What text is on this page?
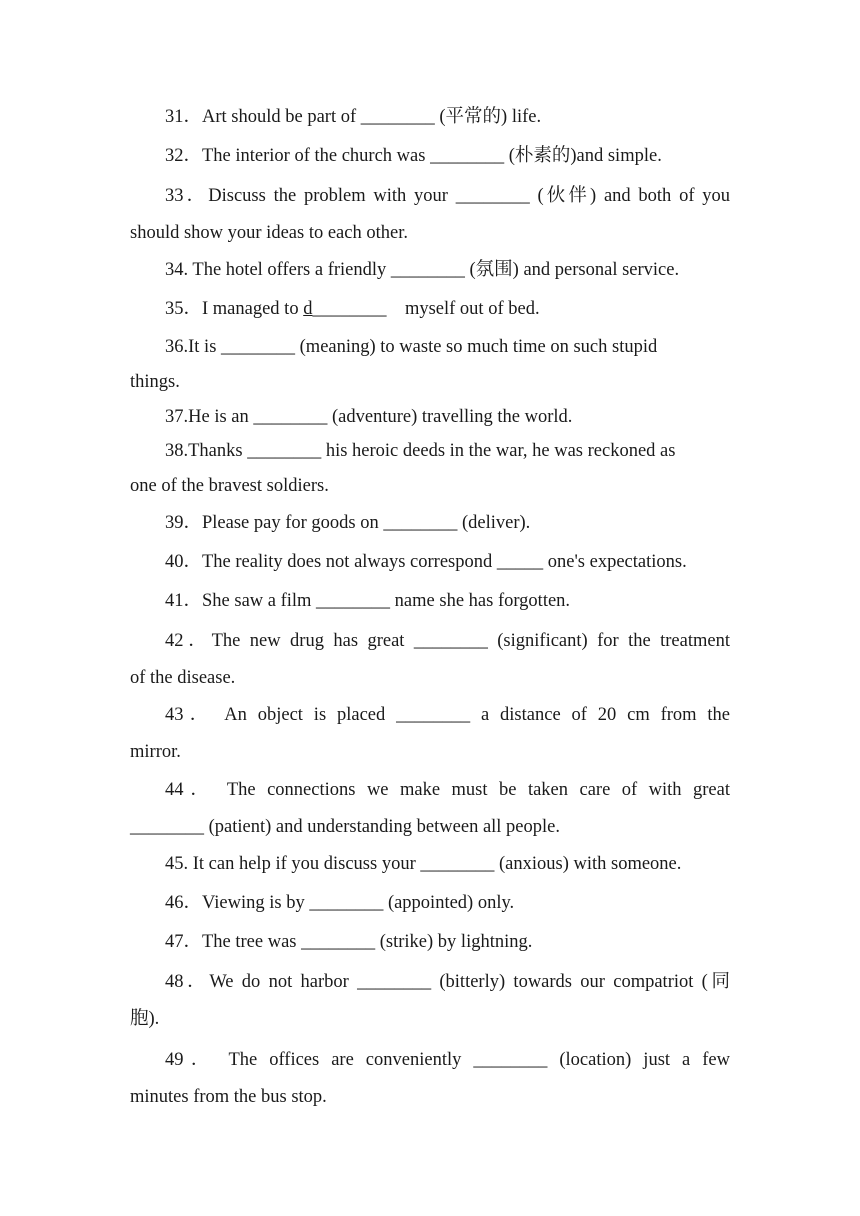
31．Art should be part of ________ (平常的) life.
32．The interior of the church was ________ (朴素的)and simple.
33．Discuss the problem with your ________ (伙伴) and both of you
should show your ideas to each other.
34. The hotel offers a friendly ________ (氛围) and personal service.
35．I managed to d________    myself out of bed.
36.It is ________ (meaning) to waste so much time on such stupid
things.
37.He is an ________ (adventure) travelling the world.
38.Thanks ________ his heroic deeds in the war, he was reckoned as
one of the bravest soldiers.
39．Please pay for goods on ________ (deliver).
40．The reality does not always correspond _____ one's expectations.
41．She saw a film ________ name she has forgotten.
42．The new drug has great ________ (significant) for the treatment
of the disease.
43． An object is placed ________ a distance of 20 cm from the
mirror.
44． The connections we make must be taken care of with great
________ (patient) and understanding between all people.
45. It can help if you discuss your ________ (anxious) with someone.
46．Viewing is by ________ (appointed) only.
47．The tree was ________ (strike) by lightning.
48．We do not harbor ________ (bitterly) towards our compatriot (同
胞).
49． The offices are conveniently ________ (location) just a few
minutes from the bus stop.
